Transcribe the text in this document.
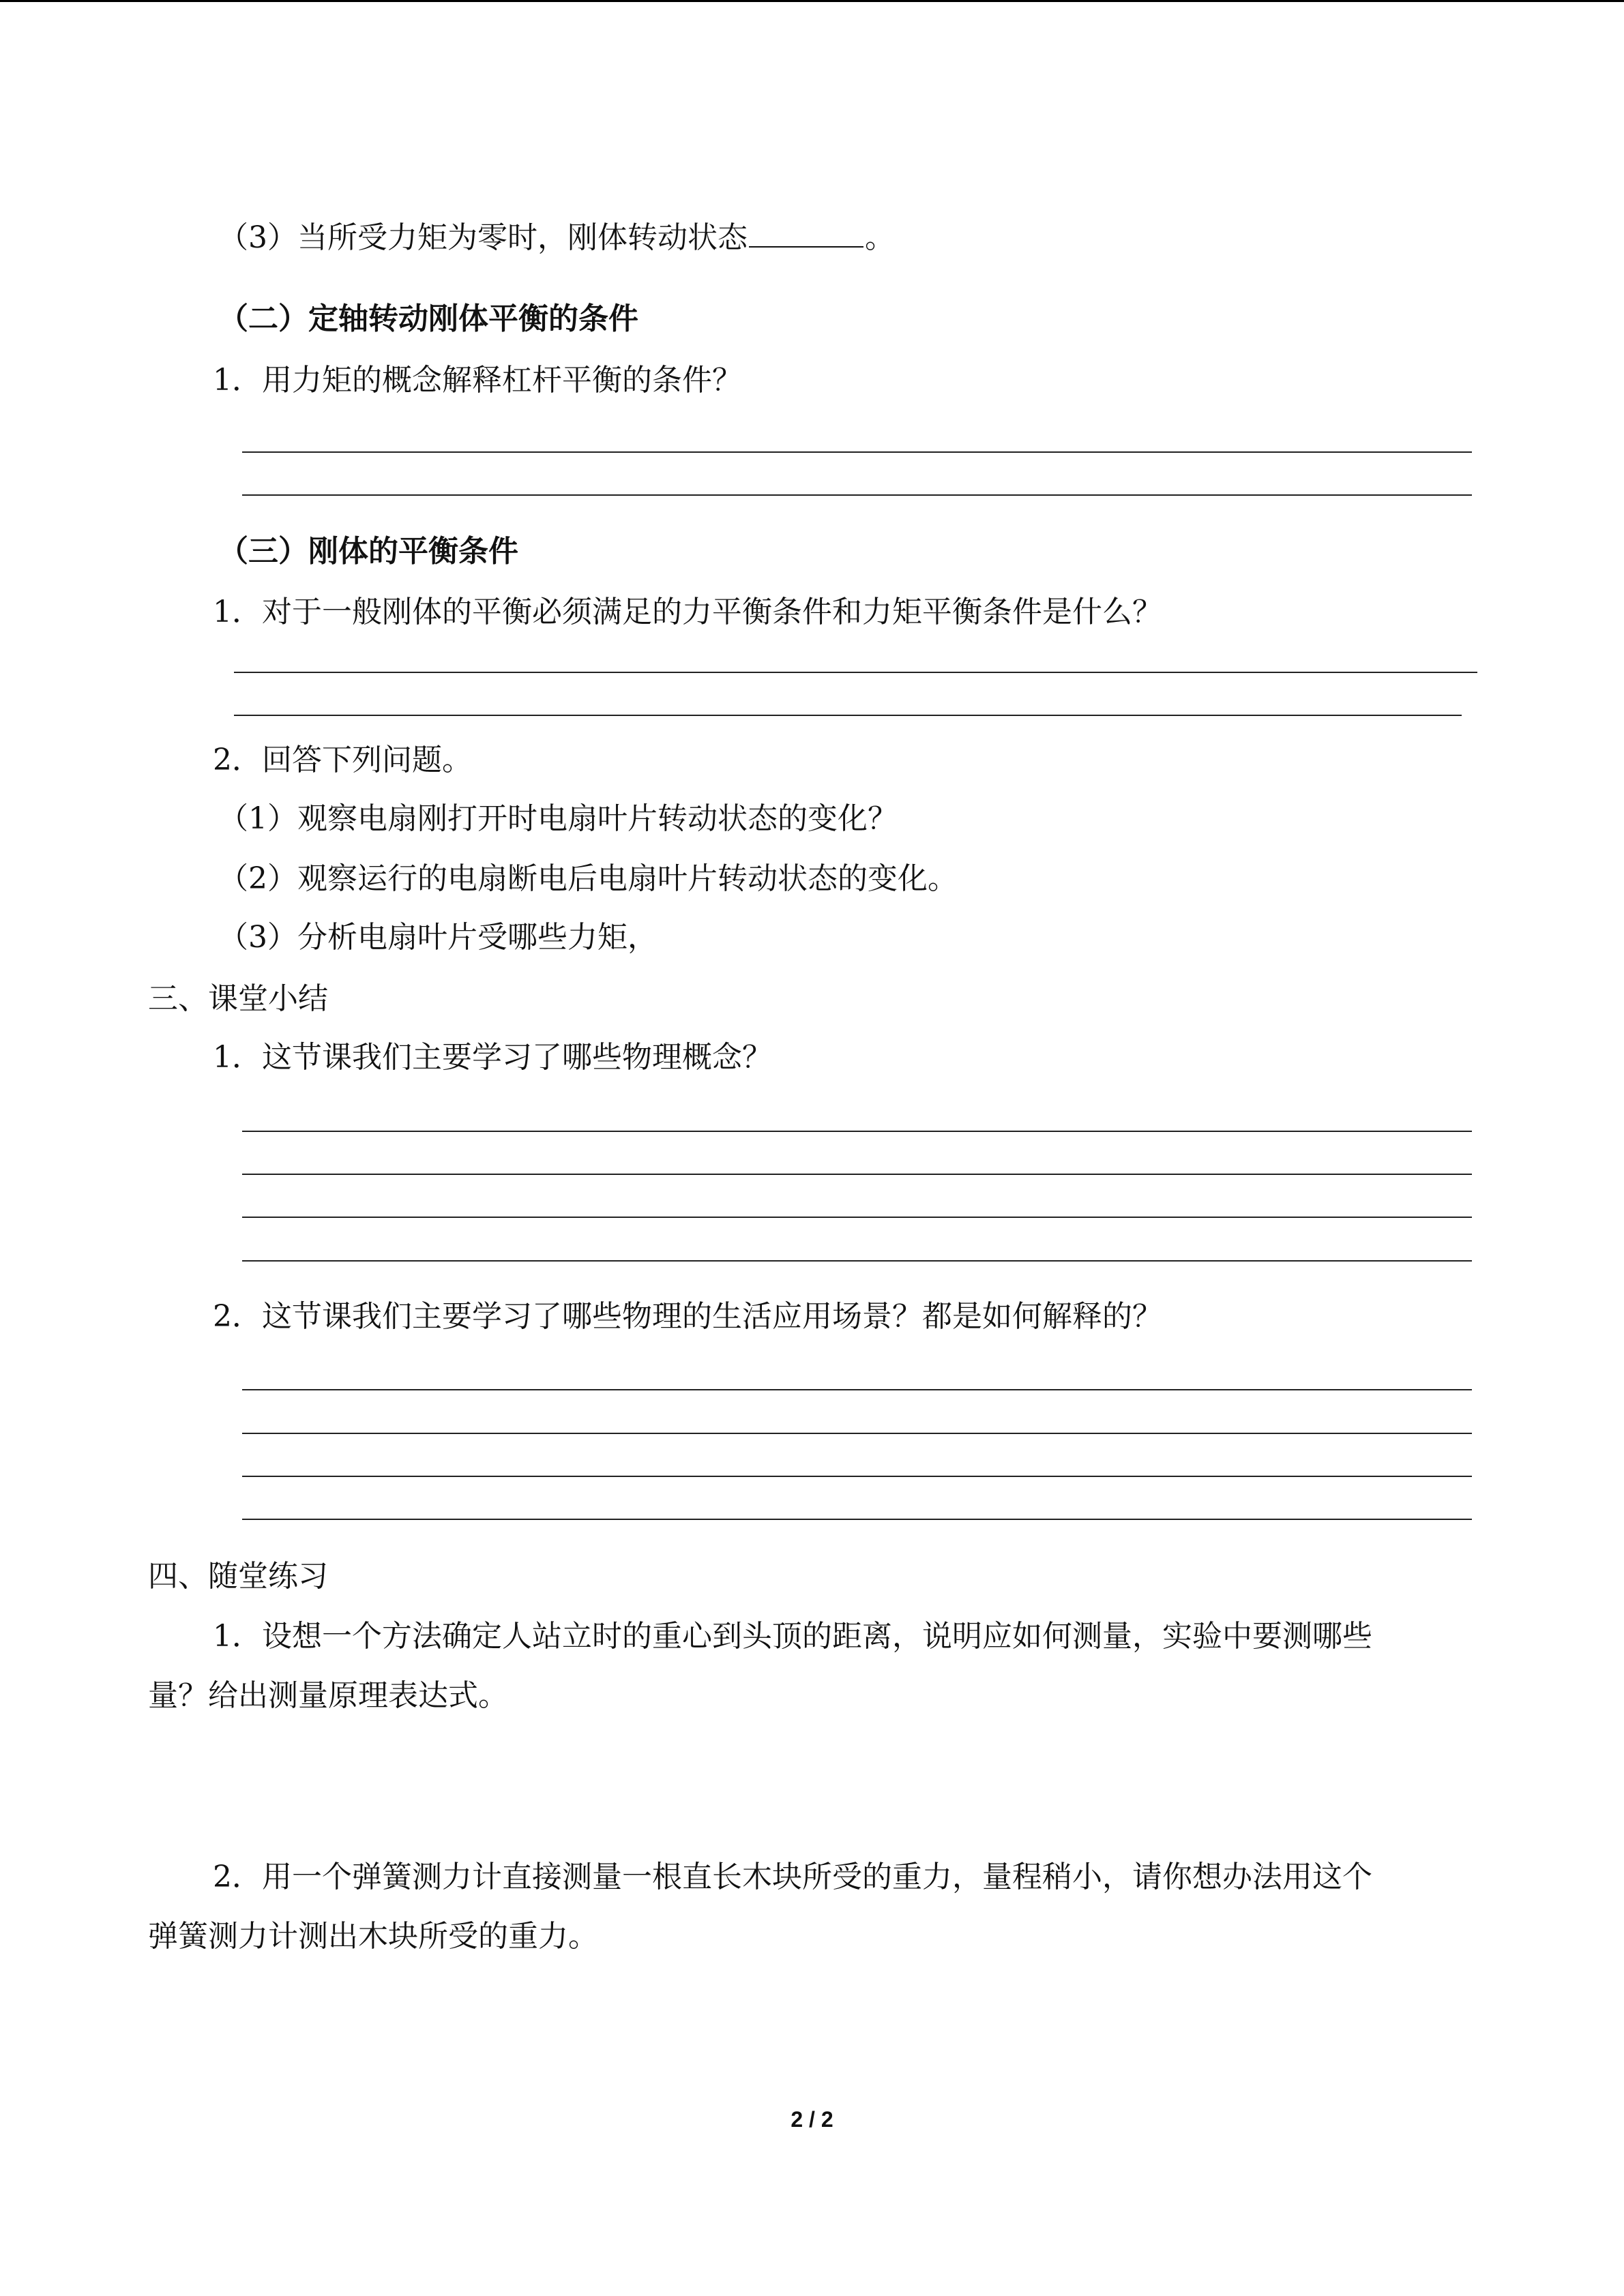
（3）当所受力矩为零时，刚体转动状态	。
（二）定轴转动刚体平衡的条件
1．用力矩的概念解释杠杆平衡的条件？
（三）刚体的平衡条件
1．对于一般刚体的平衡必须满足的力平衡条件和力矩平衡条件是什么？
2．回答下列问题。
（1）观察电扇刚打开时电扇叶片转动状态的变化？
（2）观察运行的电扇断电后电扇叶片转动状态的变化。
（3）分析电扇叶片受哪些力矩，
三、课堂小结
1．这节课我们主要学习了哪些物理概念？
2．这节课我们主要学习了哪些物理的生活应用场景？都是如何解释的？
四、随堂练习
1．设想一个方法确定人站立时的重心到头顶的距离，说明应如何测量，实验中要测哪些
量？给出测量原理表达式。
2．用一个弹簧测力计直接测量一根直长木块所受的重力，量程稍小，请你想办法用这个
弹簧测力计测出木块所受的重力。
2 / 2
